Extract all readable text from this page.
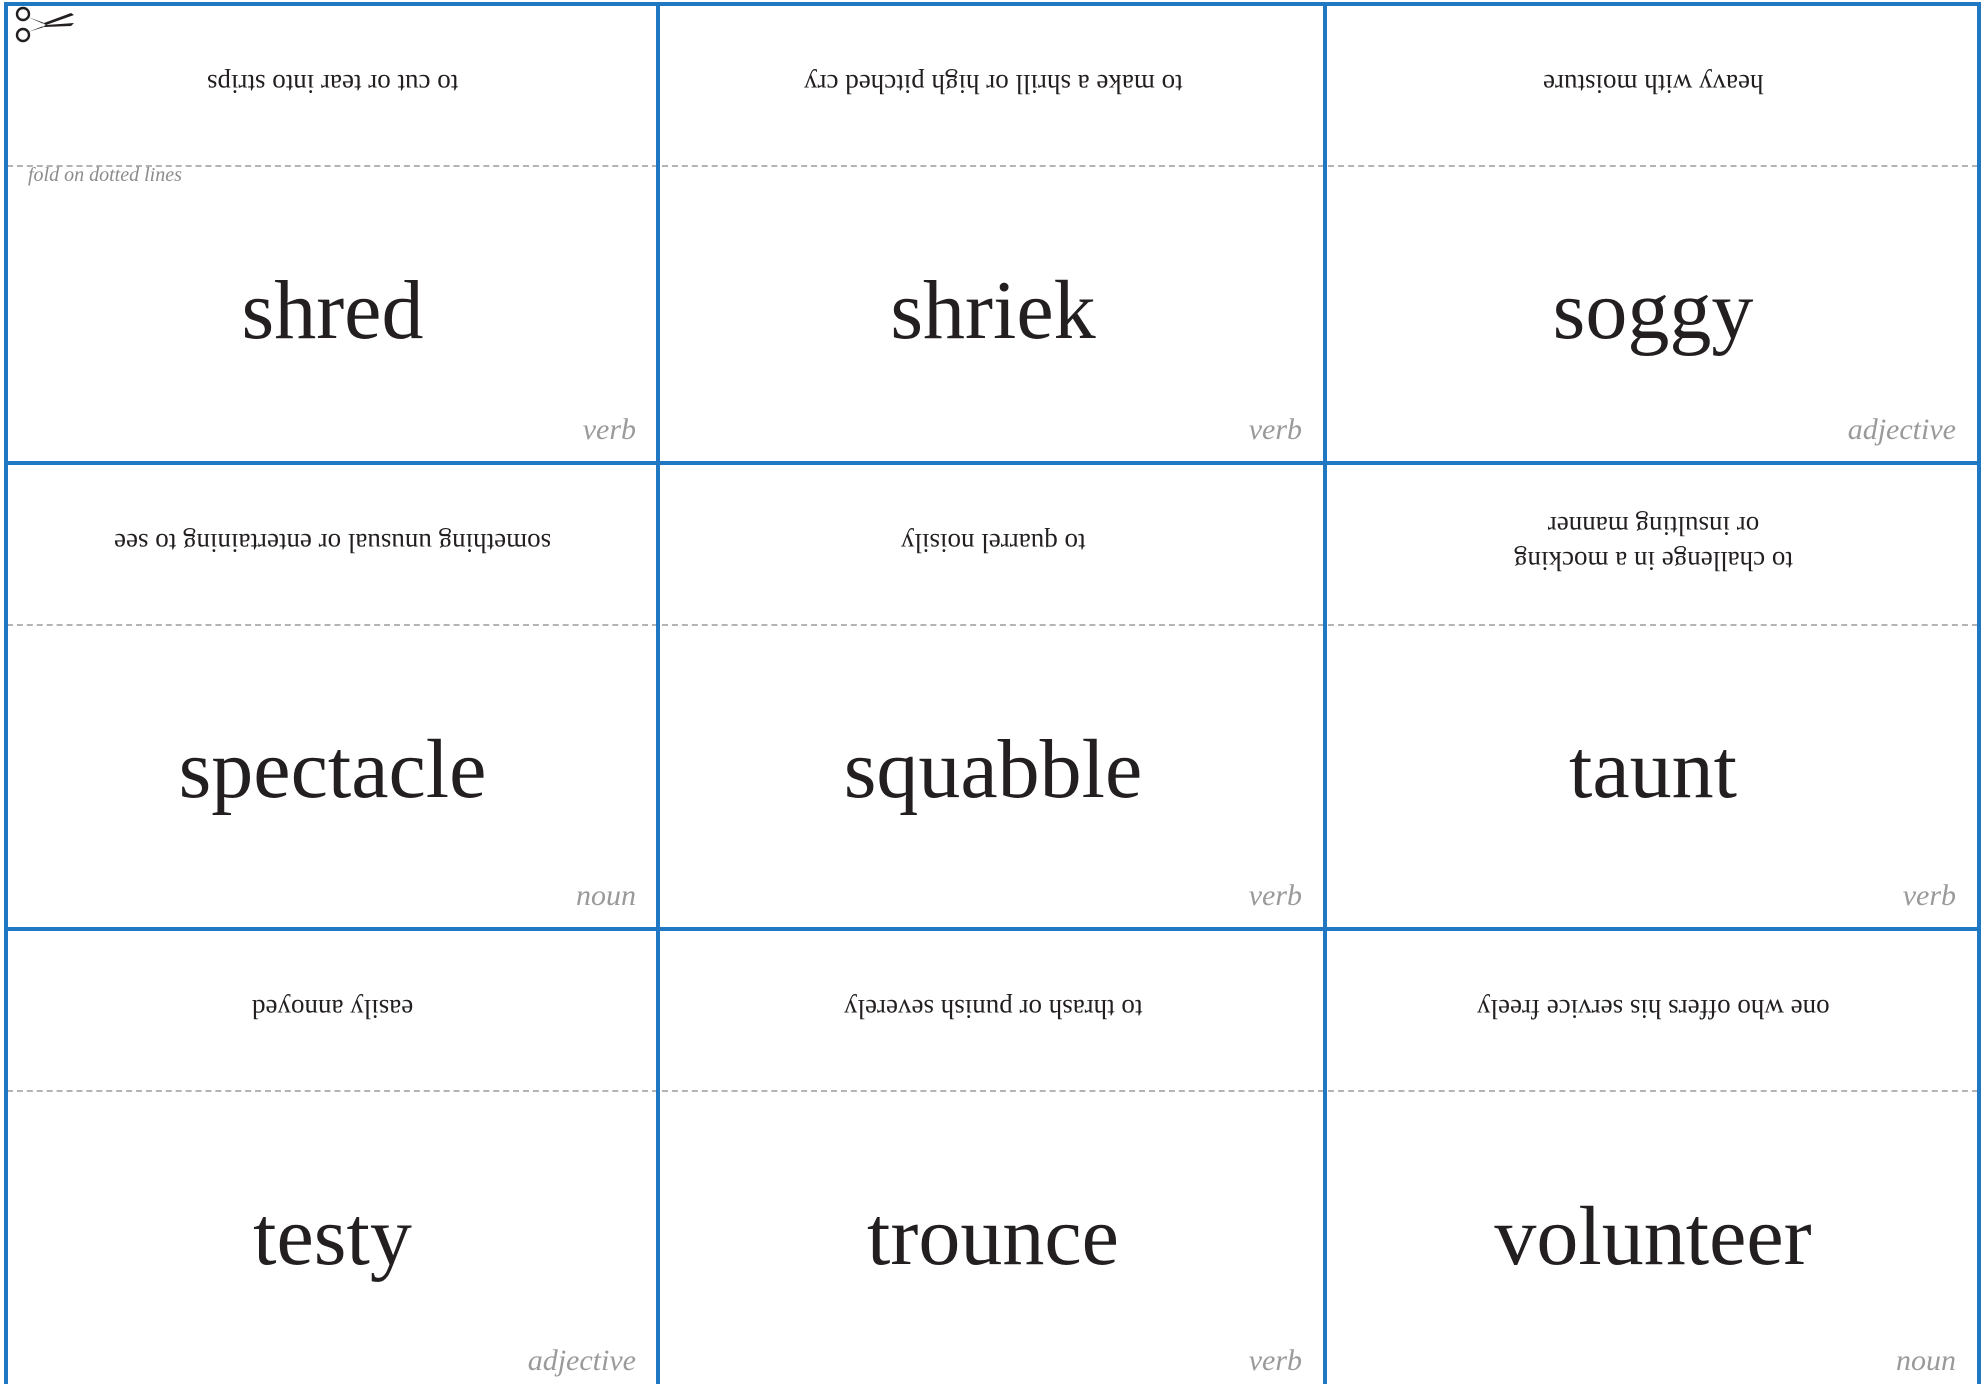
to cut or tear into strips
shred
verb
to make a shrill or high pitched cry
shriek
verb
heavy with moisture
soggy
adjective
something unusual or entertaining to see
spectacle
noun
to quarrel noisily
squabble
verb
to challenge in a mocking
or insulting manner
taunt
verb
easily annoyed
testy
adjective
to thrash or punish severely
trounce
verb
one who offers his service freely
volunteer
noun
fold on dotted lines
